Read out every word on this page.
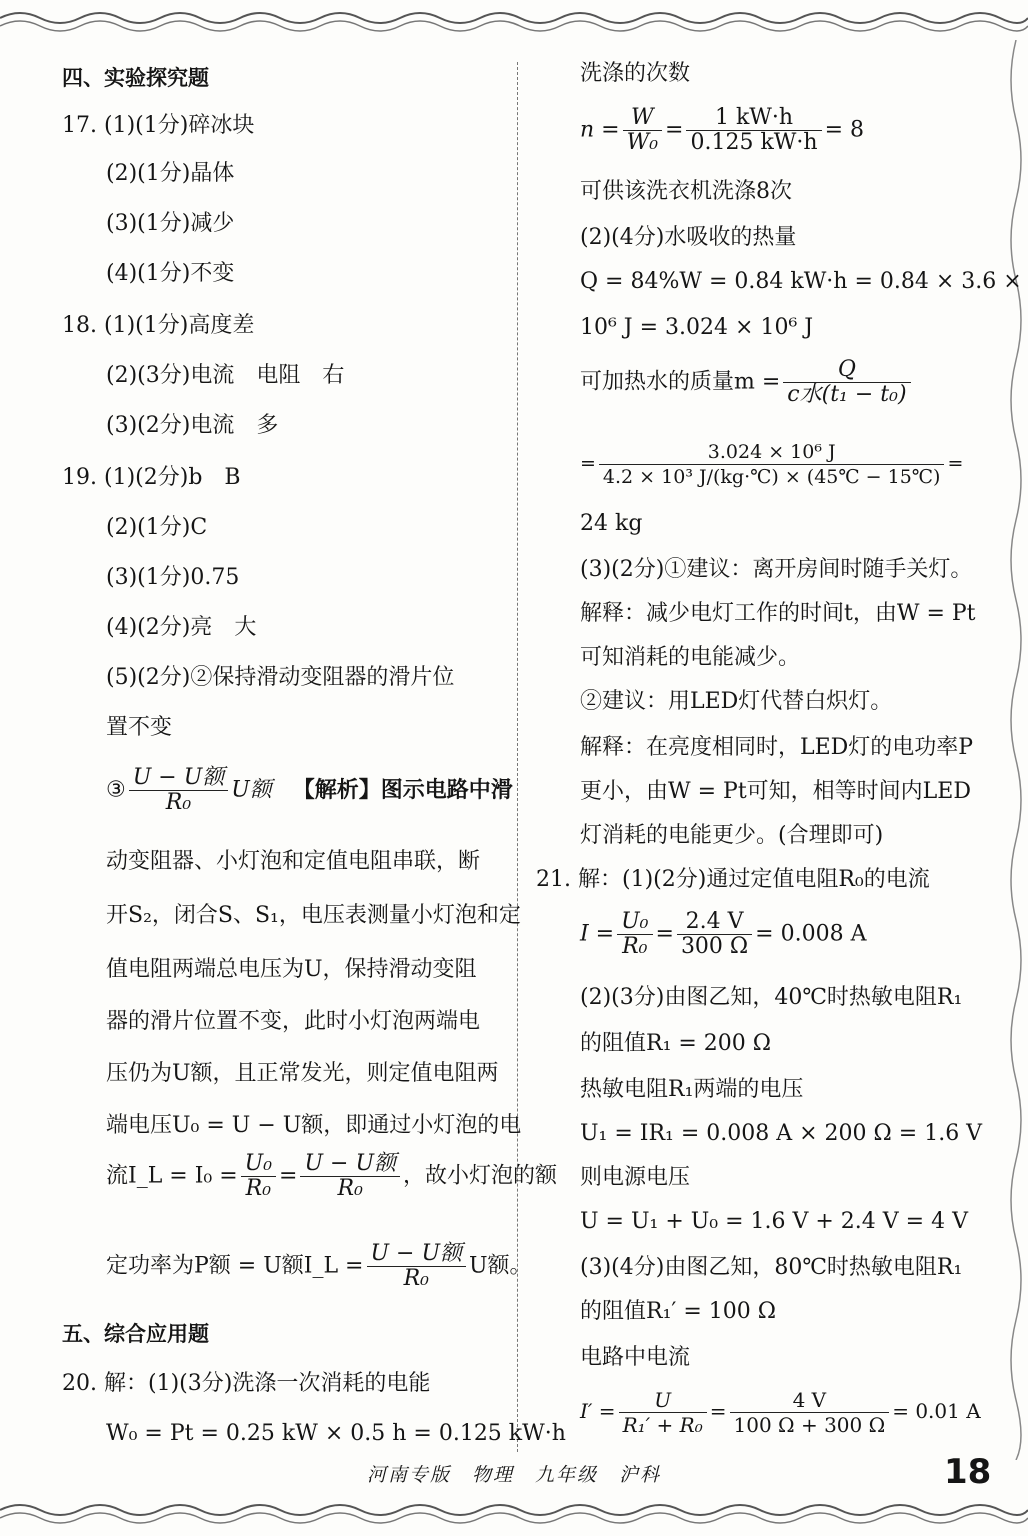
四、实验探究题
17. (1)(1分)碎冰块
(2)(1分)晶体
(3)(1分)减少
(4)(1分)不变
18. (1)(1分)高度差
(2)(3分)电流　电阻　右
(3)(2分)电流　多
19. (1)(2分)b　B
(2)(1分)C
(3)(1分)0.75
(4)(2分)亮　大
(5)(2分)②保持滑动变阻器的滑片位
置不变
③ $\frac{\text{U − U额}}{\text{R₀}}$ U额 【解析】图示电路中滑
动变阻器、小灯泡和定值电阻串联，断
开S₂，闭合S、S₁，电压表测量小灯泡和定
值电阻两端总电压为U，保持滑动变阻
器的滑片位置不变，此时小灯泡两端电
压仍为U额，且正常发光，则定值电阻两
端电压U₀ = U − U额，即通过小灯泡的电
流I_L = $I_0 = \frac{\text{U₀}}{\text{R₀}} = \frac{\text{U − U额}}{\text{R₀}}$ ，故小灯泡的额
定功率为P额 = U额I_L = $\frac{\text{U − U额}}{\text{R₀}}$ U额。
五、综合应用题
20. 解：(1)(3分)洗涤一次消耗的电能
W₀ = Pt = 0.25 kW × 0.5 h = 0.125 kW·h
洗涤的次数
$n = \frac{W}{\text{W₀}} = \frac{1 kW\cdot h}{0.125 kW\cdot h} = 8$
可供该洗衣机洗涤8次
(2)(4分)水吸收的热量
Q = 84%W = 0.84 kW·h = 0.84 × 3.6 ×
10⁶ J = 3.024 × 10⁶ J
可加热水的质量$m = \frac{Q}{\text{c水(t₁ − t₀)}}$
= $\frac{\text{3.024 × 10⁶ J}}{\text{4.2 × 10³ J/(kg·℃) × (45℃ − 15℃)}}$ =
24 kg
(3)(2分)①建议：离开房间时随手关灯。
解释：减少电灯工作的时间t，由W = Pt
可知消耗的电能减少。
②建议：用LED灯代替白炽灯。
解释：在亮度相同时，LED灯的电功率P
更小，由W = Pt可知，相等时间内LED
灯消耗的电能更少。(合理即可)
21. 解：(1)(2分)通过定值电阻R₀的电流
$I = \frac{\text{U₀}}{\text{R₀}} = \frac{2.4 V}{300 \Omega} = 0.008$ A
(2)(3分)由图乙知，40℃时热敏电阻R₁
的阻值R₁ = 200 Ω
热敏电阻R₁两端的电压
U₁ = IR₁ = 0.008 A × 200 Ω = 1.6 V
则电源电压
U = U₁ + U₀ = 1.6 V + 2.4 V = 4 V
(3)(4分)由图乙知，80℃时热敏电阻R₁
的阻值R₁′ = 100 Ω
电路中电流
$I' = \frac{U}{\text{R₁′ + R₀}} = \frac{4 V}{100 \Omega + 300 \Omega} = 0.01$ A
河南专版　物理　九年级　沪科	18
